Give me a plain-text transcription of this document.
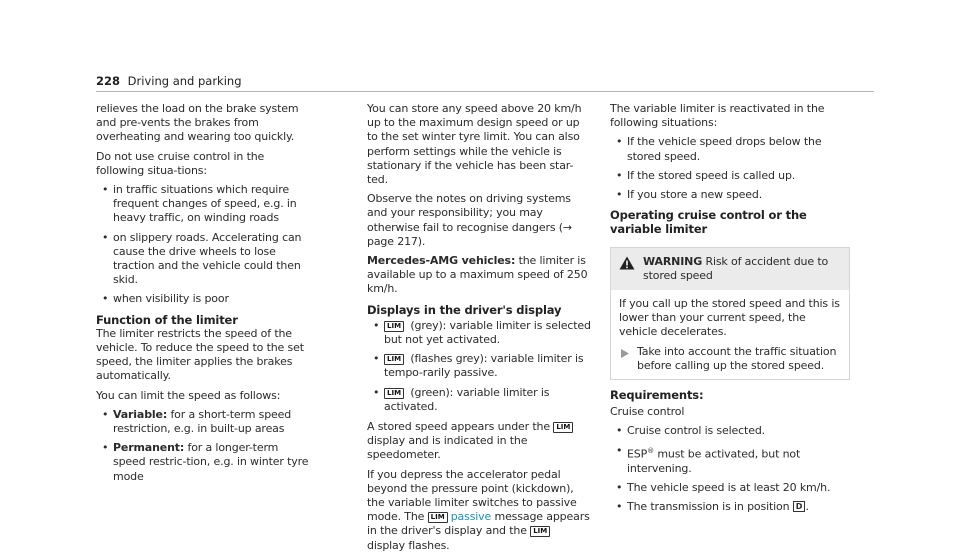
228 Driving and parking

relieves the load on the brake system and pre-vents the brakes from overheating and wearing too quickly.

Do not use cruise control in the following situa-tions:

• in traffic situations which require frequent changes of speed, e.g. in heavy traffic, on winding roads
• on slippery roads. Accelerating can cause the drive wheels to lose traction and the vehicle could then skid.
• when visibility is poor
Function of the limiter

The limiter restricts the speed of the vehicle. To reduce the speed to the set speed, the limiter applies the brakes automatically.

You can limit the speed as follows:

• Variable: for a short-term speed restriction, e.g. in built-up areas
• Permanent: for a longer-term speed restric-tion, e.g. in winter tyre mode

You can store any speed above 20 km/h up to the maximum design speed or up to the set winter tyre limit. You can also perform settings while the vehicle is stationary if the vehicle has been star-ted.

Observe the notes on driving systems and your responsibility; you may otherwise fail to recognise dangers (→ page 217).

Mercedes-AMG vehicles: the limiter is available up to a maximum speed of 250 km/h.

Displays in the driver's display
• LIM (grey): variable limiter is selected but not yet activated.
• LIM (flashes grey): variable limiter is tempo-rarily passive.
• LIM (green): variable limiter is activated.

A stored speed appears under the LIM display and is indicated in the speedometer.

If you depress the accelerator pedal beyond the pressure point (kickdown), the variable limiter switches to passive mode. The LIM passive message appears in the driver's display and the LIM display flashes.

The variable limiter is reactivated in the following situations:

• If the vehicle speed drops below the stored speed.
• If the stored speed is called up.
• If you store a new speed.
Operating cruise control or the variable limiter
WARNING Risk of accident due to stored speed

If you call up the stored speed and this is lower than your current speed, the vehicle decelerates.

Take into account the traffic situation before calling up the stored speed.
Requirements:

Cruise control

• Cruise control is selected.
• ESP® must be activated, but not intervening.
• The vehicle speed is at least 20 km/h.
• The transmission is in position D .
